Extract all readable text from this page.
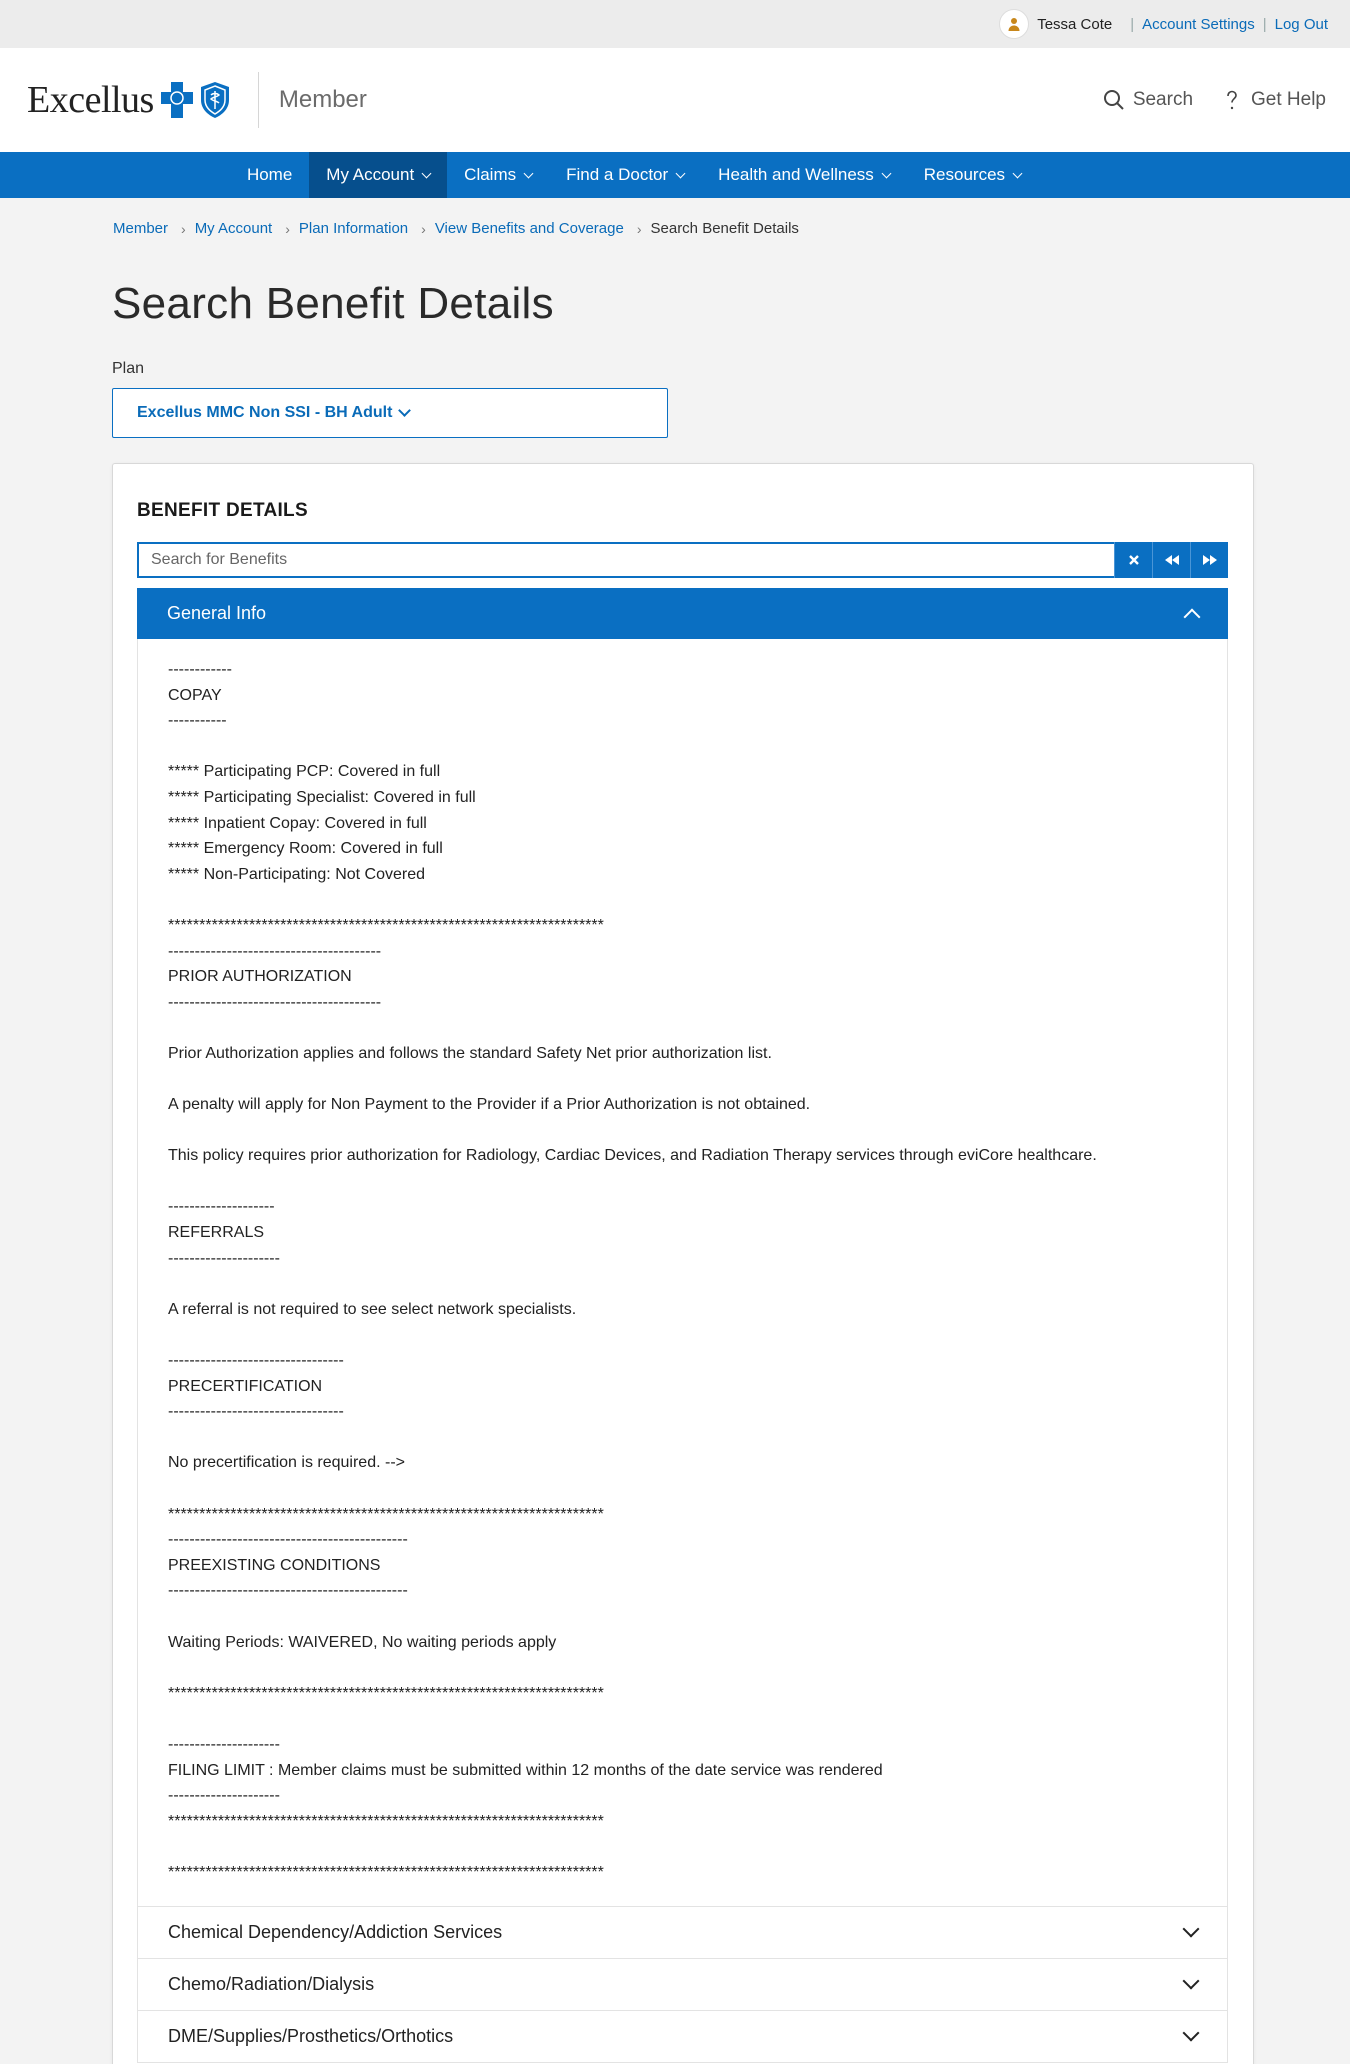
Tessa Cote | Account Settings | Log Out
Excellus	Member	Search	Get Help
Home My Account	Claims	Find a Doctor	Health and Wellness	Resources
Member › My Account › Plan Information › View Benefits and Coverage › Search Benefit Details
Search Benefit Details
Plan
Excellus MMC Non SSI - BH Adult
BENEFIT DETAILS
Search for Benefits
General Info
------------
COPAY
-----------

***** Participating PCP: Covered in full
***** Participating Specialist: Covered in full
***** Inpatient Copay: Covered in full
***** Emergency Room: Covered in full
***** Non-Participating: Not Covered

**********************************************************************
----------------------------------------
PRIOR AUTHORIZATION
----------------------------------------

Prior Authorization applies and follows the standard Safety Net prior authorization list.

A penalty will apply for Non Payment to the Provider if a Prior Authorization is not obtained.

This policy requires prior authorization for Radiology, Cardiac Devices, and Radiation Therapy services through eviCore healthcare.

--------------------
REFERRALS
---------------------

A referral is not required to see select network specialists.

---------------------------------
PRECERTIFICATION
---------------------------------

No precertification is required. -->

**********************************************************************
---------------------------------------------
PREEXISTING CONDITIONS
---------------------------------------------

Waiting Periods: WAIVERED, No waiting periods apply

**********************************************************************

---------------------
FILING LIMIT : Member claims must be submitted within 12 months of the date service was rendered
---------------------
**********************************************************************

**********************************************************************
Chemical Dependency/Addiction Services
Chemo/Radiation/Dialysis
DME/Supplies/Prosthetics/Orthotics
